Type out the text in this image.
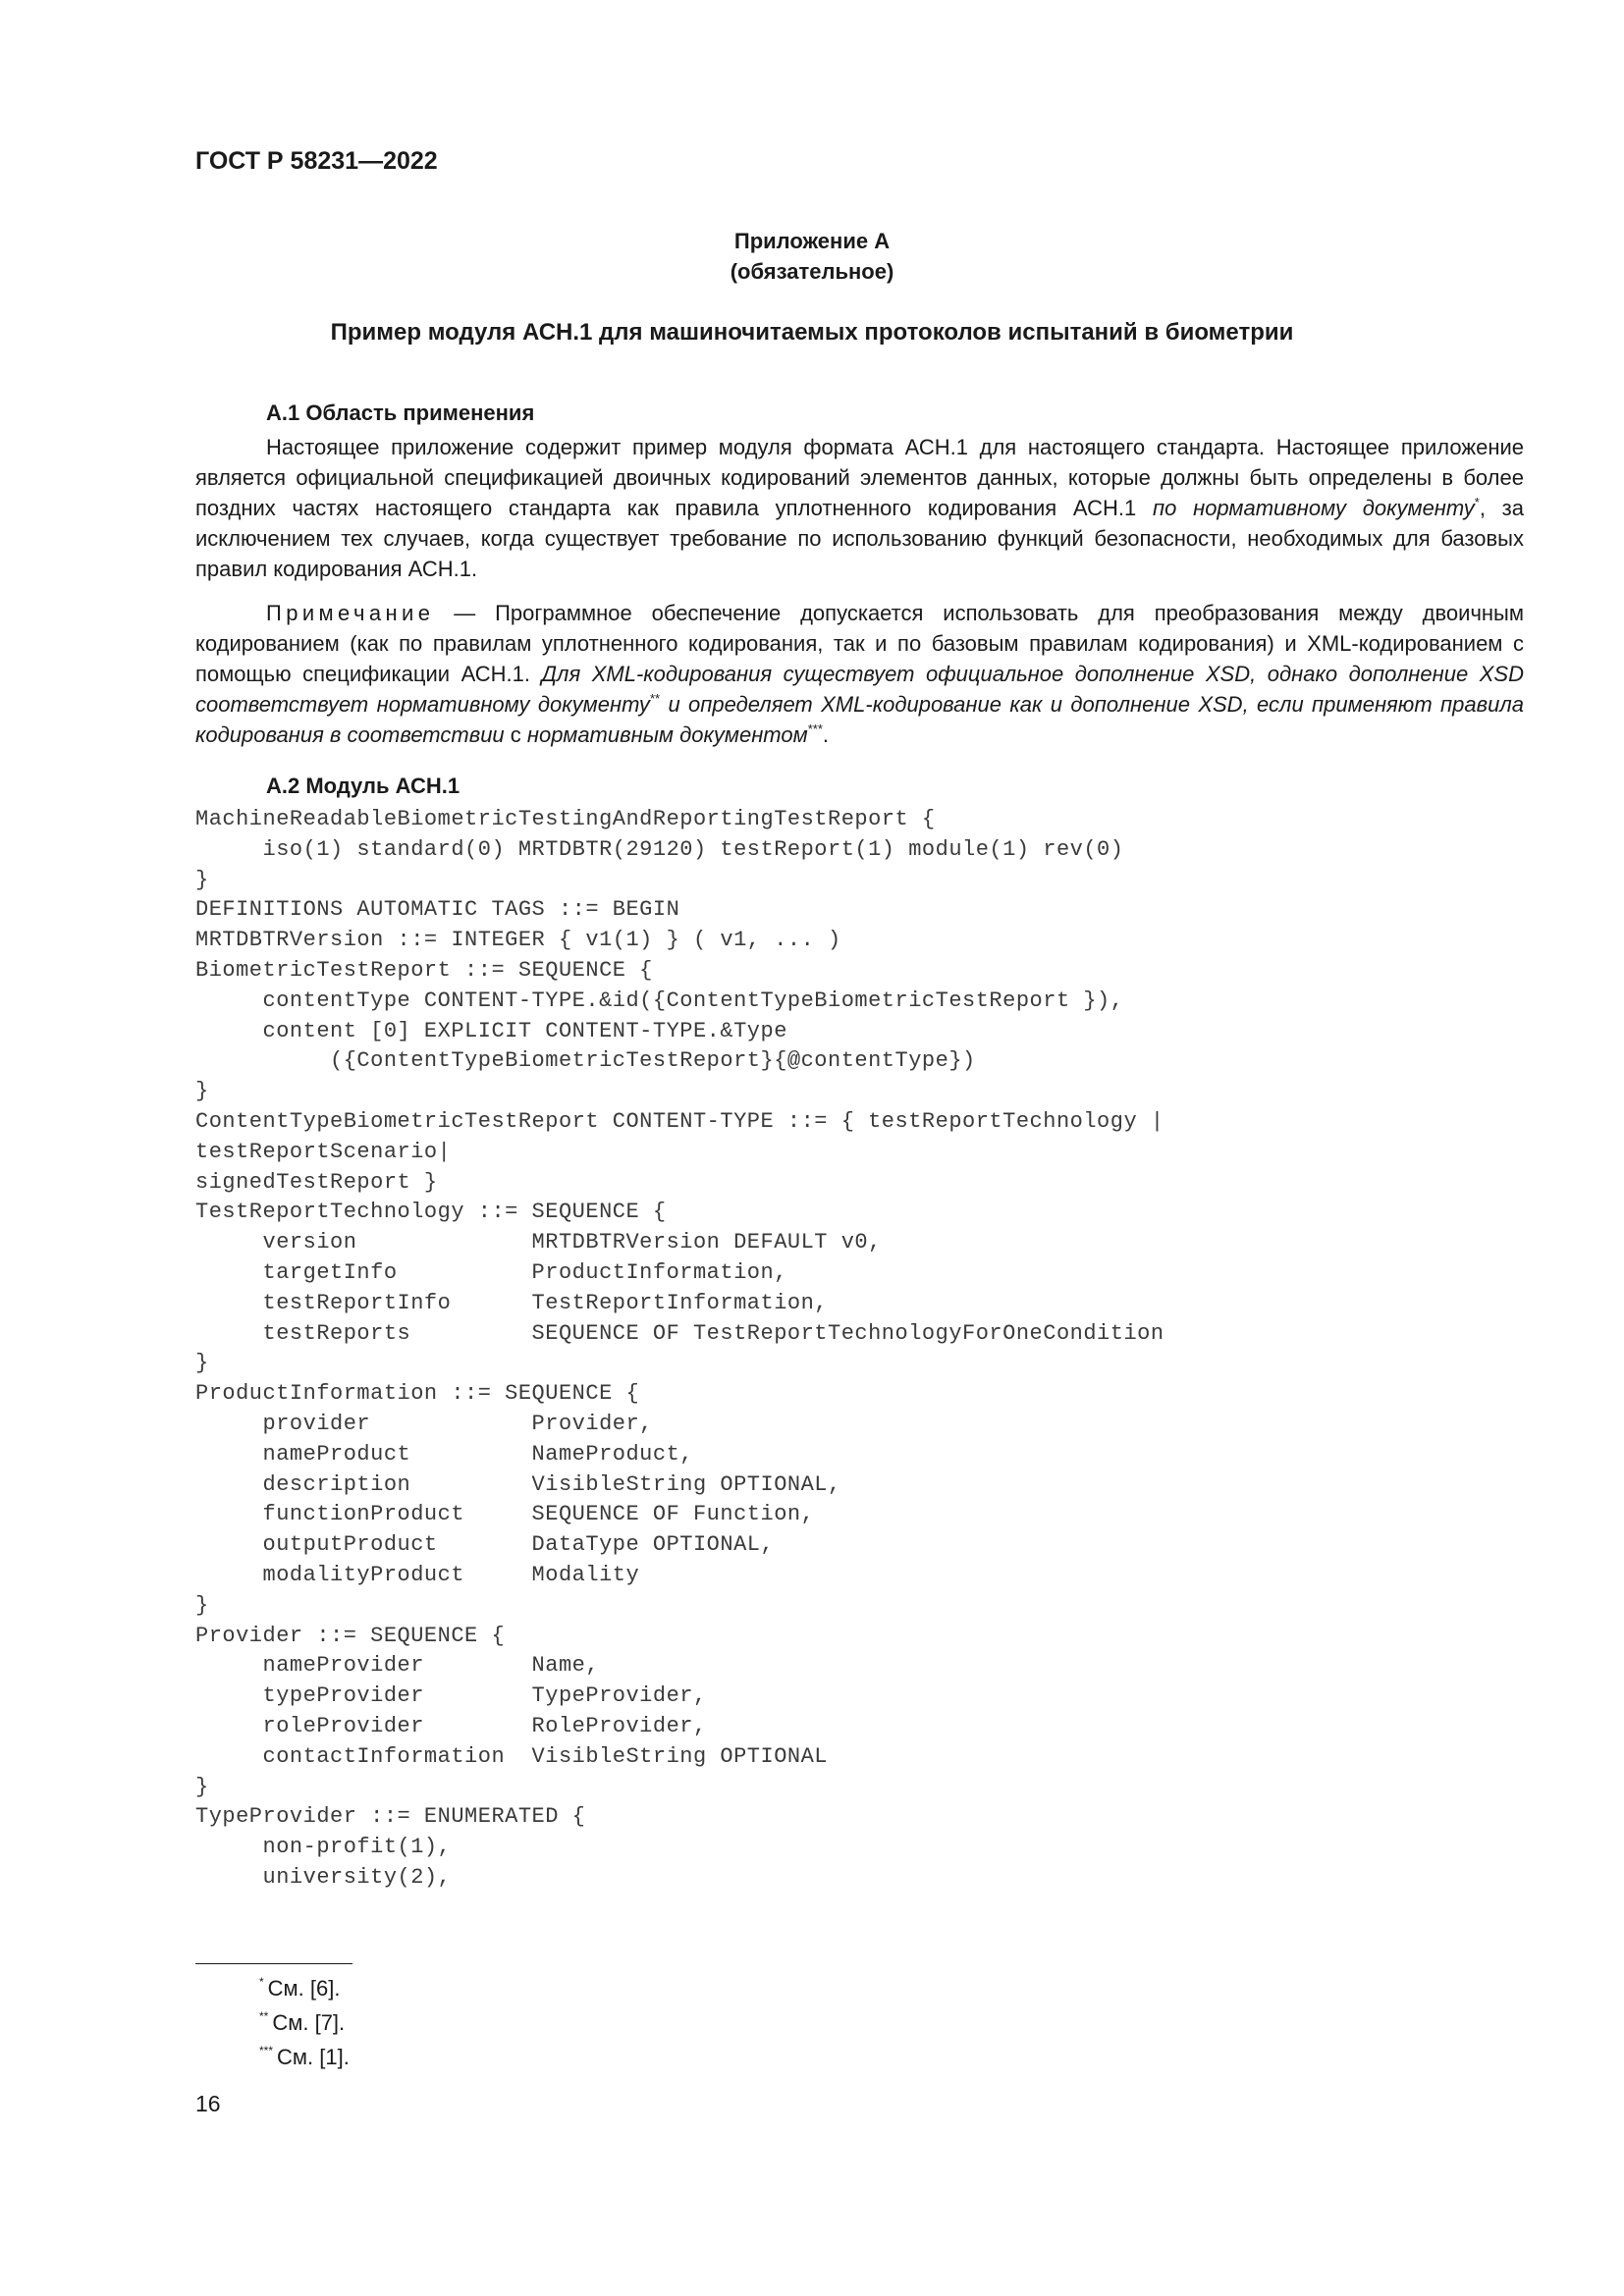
ГОСТ Р 58231—2022
Приложение А
(обязательное)
Пример модуля АСН.1 для машиночитаемых протоколов испытаний в биометрии
А.1 Область применения

Настоящее приложение содержит пример модуля формата АСН.1 для настоящего стандарта. Настоящее приложение является официальной спецификацией двоичных кодирований элементов данных, которые должны быть определены в более поздних частях настоящего стандарта как правила уплотненного кодирования АСН.1 по нормативному документу*, за исключением тех случаев, когда существует требование по использованию функций безопасности, необходимых для базовых правил кодирования АСН.1.

Примечание — Программное обеспечение допускается использовать для преобразования между двоичным кодированием (как по правилам уплотненного кодирования, так и по базовым правилам кодирования) и XML-кодированием с помощью спецификации АСН.1. Для XML-кодирования существует официальное дополнение XSD, однако дополнение XSD соответствует нормативному документу** и определяет XML-кодирование как и дополнение XSD, если применяют правила кодирования в соответствии с нормативным документом***.

А.2 Модуль АСН.1
MachineReadableBiometricTestingAndReportingTestReport {
iso(1) standard(0) MRTDBTR(29120) testReport(1) module(1) rev(0)
}
DEFINITIONS AUTOMATIC TAGS ::= BEGIN
MRTDBTRVersion ::= INTEGER { v1(1) } ( v1, ... )
BiometricTestReport ::= SEQUENCE {
contentType CONTENT-TYPE.&id({ContentTypeBiometricTestReport }),
content [0] EXPLICIT CONTENT-TYPE.&Type
({ContentTypeBiometricTestReport}{@contentType})
}
ContentTypeBiometricTestReport CONTENT-TYPE ::= { testReportTechnology |
testReportScenario|
signedTestReport }
TestReportTechnology ::= SEQUENCE {
version             MRTDBTRVersion DEFAULT v0,
targetInfo          ProductInformation,
testReportInfo      TestReportInformation,
testReports         SEQUENCE OF TestReportTechnologyForOneCondition
}
ProductInformation ::= SEQUENCE {
provider            Provider,
nameProduct         NameProduct,
description         VisibleString OPTIONAL,
functionProduct     SEQUENCE OF Function,
outputProduct       DataType OPTIONAL,
modalityProduct     Modality
}
Provider ::= SEQUENCE {
nameProvider        Name,
typeProvider        TypeProvider,
roleProvider        RoleProvider,
contactInformation  VisibleString OPTIONAL
}
TypeProvider ::= ENUMERATED {
non-profit(1),
university(2),
* См. [6].
** См. [7].
*** См. [1].
16
